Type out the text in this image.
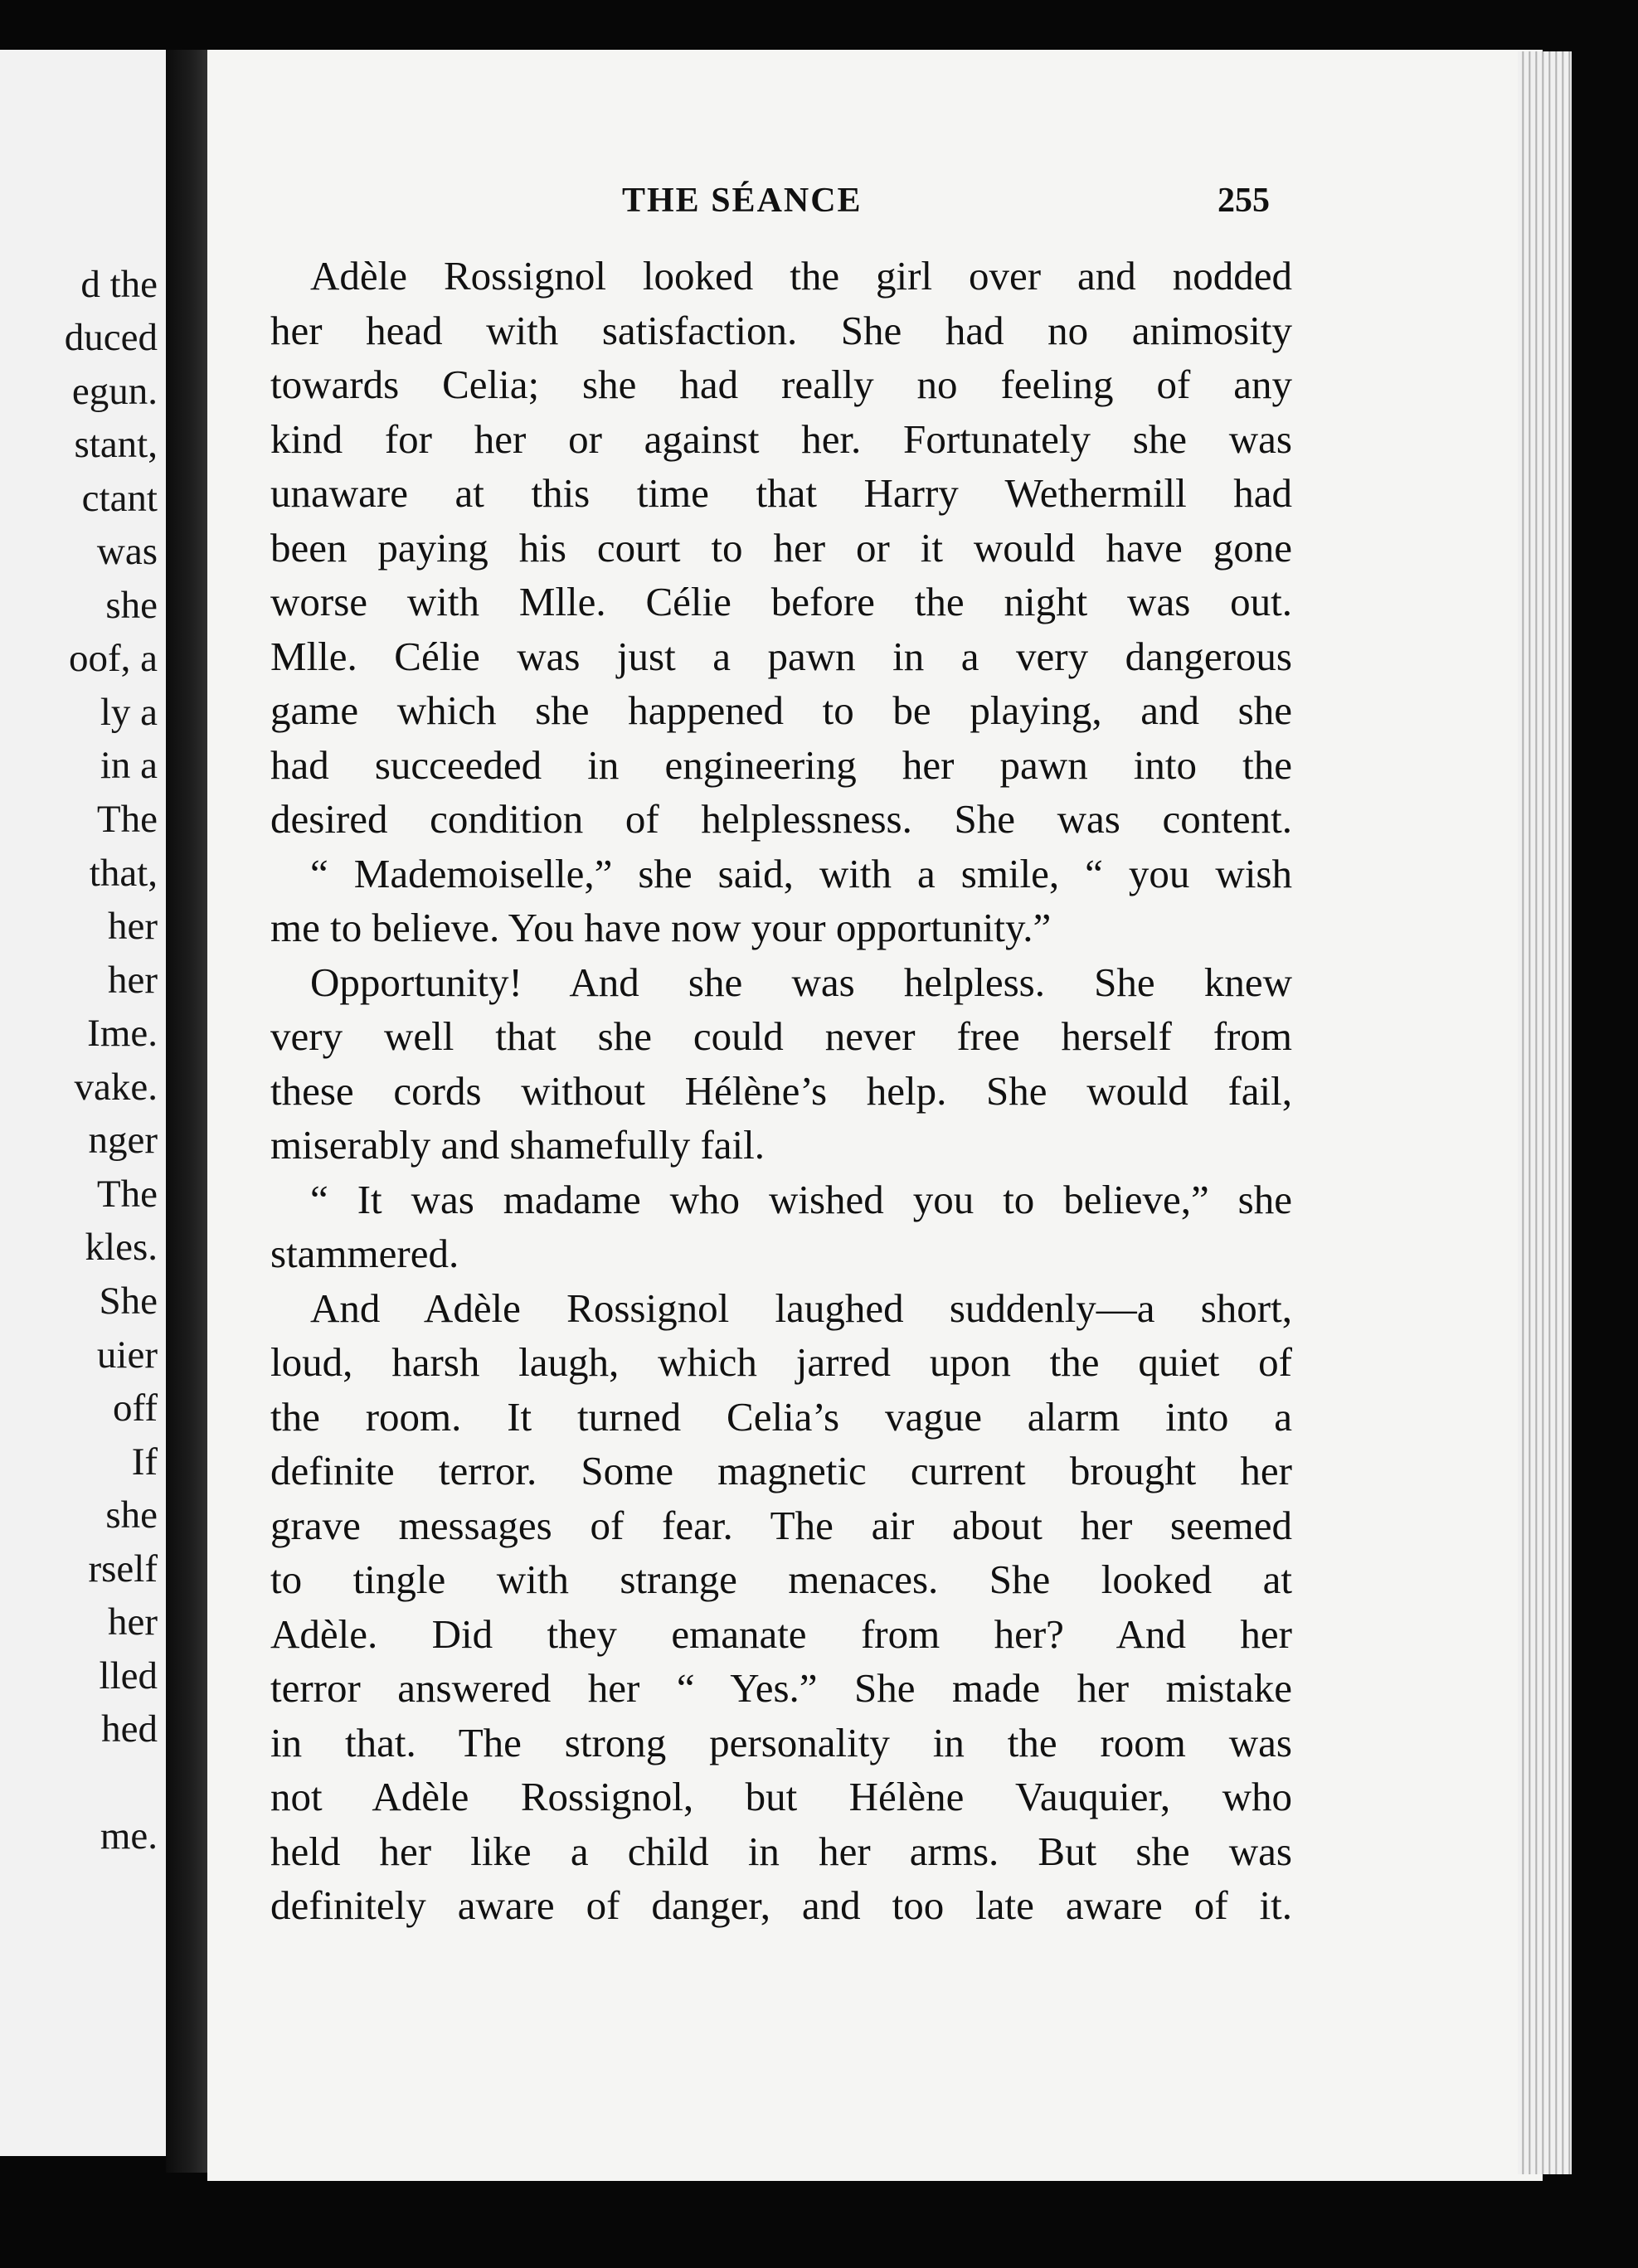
d the
duced
egun.
stant,
ctant
was
she
oof, a
ly a
in a
The
that,
her
her
Ime.
vake.
nger
The
kles.
She
uier
off
If
she
rself
her
lled
hed
me.
THE SÉANCE	255
Adèle Rossignol looked the girl over and nodded
her head with satisfaction. She had no animosity
towards Celia; she had really no feeling of any
kind for her or against her. Fortunately she was
unaware at this time that Harry Wethermill had
been paying his court to her or it would have gone
worse with Mlle. Célie before the night was out.
Mlle. Célie was just a pawn in a very dangerous
game which she happened to be playing, and she
had succeeded in engineering her pawn into the
desired condition of helplessness. She was content.
“ Mademoiselle,” she said, with a smile, “ you wish
me to believe. You have now your opportunity.”
Opportunity! And she was helpless. She knew
very well that she could never free herself from
these cords without Hélène’s help. She would fail,
miserably and shamefully fail.
“ It was madame who wished you to believe,” she
stammered.
And Adèle Rossignol laughed suddenly—a short,
loud, harsh laugh, which jarred upon the quiet of
the room. It turned Celia’s vague alarm into a
definite terror. Some magnetic current brought her
grave messages of fear. The air about her seemed
to tingle with strange menaces. She looked at
Adèle. Did they emanate from her? And her
terror answered her “ Yes.” She made her mistake
in that. The strong personality in the room was
not Adèle Rossignol, but Hélène Vauquier, who
held her like a child in her arms. But she was
definitely aware of danger, and too late aware of it.
